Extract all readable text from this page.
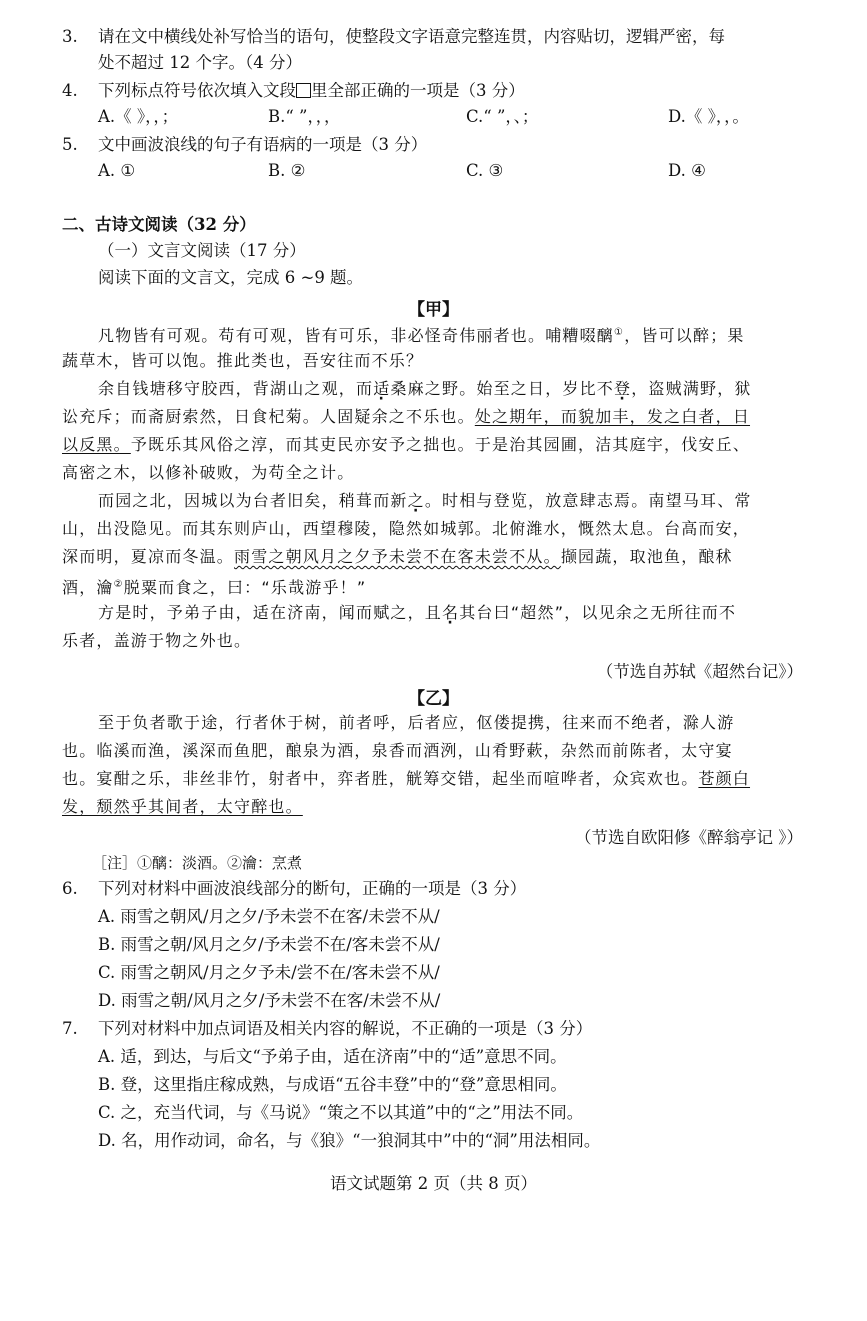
3. 请在文中横线处补写恰当的语句，使整段文字语意完整连贯，内容贴切，逻辑严密，每
处不超过 12 个字。（4 分）
4. 下列标点符号依次填入文段 里全部正确的一项是（3 分）
A.《 》，，；	B.“ ”，，，	C.“ ”，、；	D.《 》，，。
5. 文中画波浪线的句子有语病的一项是（3 分）
A. ①	B. ②	C. ③	D. ④
二、古诗文阅读（32 分）
（一）文言文阅读（17 分）
阅读下面的文言文，完成 6 ~9 题。
【甲】
凡物皆有可观。苟有可观，皆有可乐，非必怪奇伟丽者也。哺糟啜醨①，皆可以醉；果
蔬草木，皆可以饱。推此类也，吾安往而不乐？
余自钱塘移守胶西，背湖山之观，而适桑麻之野。始至之日，岁比不登，盗贼满野，狱
讼充斥；而斋厨索然，日食杞菊。人固疑余之不乐也。处之期年，而貌加丰，发之白者，日
以反黑。予既乐其风俗之淳，而其吏民亦安予之拙也。于是治其园圃，洁其庭宇，伐安丘、
高密之木，以修补破败，为苟全之计。
而园之北，因城以为台者旧矣，稍葺而新之。时相与登览，放意肆志焉。南望马耳、常
山，出没隐见。而其东则庐山，西望穆陵，隐然如城郭。北俯潍水，慨然太息。台高而安，
深而明，夏凉而冬温。雨雪之朝风月之夕予未尝不在客未尝不从。撷园蔬，取池鱼，酿秫
酒，瀹②脱粟而食之，曰：“乐哉游乎！”
方是时，予弟子由，适在济南，闻而赋之，且名其台曰“超然”，以见余之无所往而不
乐者，盖游于物之外也。
（节选自苏轼《超然台记》）
【乙】
至于负者歌于途，行者休于树，前者呼，后者应，伛偻提携，往来而不绝者，滁人游
也。临溪而渔，溪深而鱼肥，酿泉为酒，泉香而酒洌，山肴野蔌，杂然而前陈者，太守宴
也。宴酣之乐，非丝非竹，射者中，弈者胜，觥筹交错，起坐而喧哗者，众宾欢也。苍颜白
发，颓然乎其间者，太守醉也。
（节选自欧阳修《醉翁亭记 》）
［注］①醨：淡酒。②瀹：烹煮
6. 下列对材料中画波浪线部分的断句，正确的一项是（3 分）
A. 雨雪之朝风/月之夕/予未尝不在客/未尝不从/
B. 雨雪之朝/风月之夕/予未尝不在/客未尝不从/
C. 雨雪之朝风/月之夕予未/尝不在/客未尝不从/
D. 雨雪之朝/风月之夕/予未尝不在客/未尝不从/
7. 下列对材料中加点词语及相关内容的解说，不正确的一项是（3 分）
A. 适，到达，与后文“予弟子由，适在济南”中的“适”意思不同。
B. 登，这里指庄稼成熟，与成语“五谷丰登”中的“登”意思相同。
C. 之，充当代词，与《马说》“策之不以其道”中的“之”用法不同。
D. 名，用作动词，命名，与《狼》“一狼洞其中”中的“洞”用法相同。
语文试题第 2 页（共 8 页）
